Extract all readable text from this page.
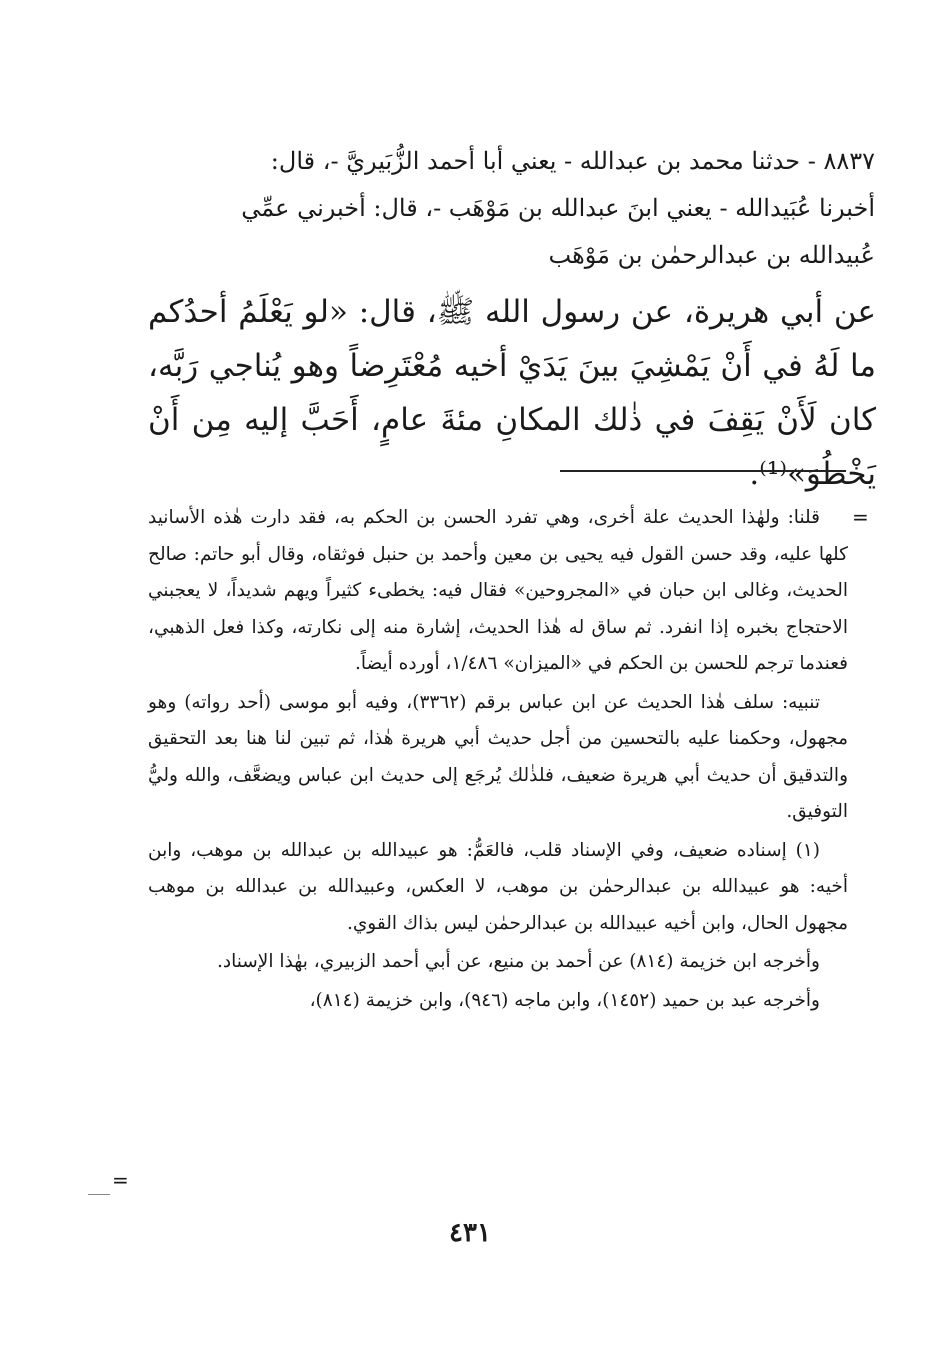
٨٨٣٧ - حدثنا محمد بن عبدالله - يعني أبا أحمد الزُّبَيريَّ -، قال:

أخبرنا عُبَيدالله - يعني ابنَ عبدالله بن مَوْهَب -، قال: أخبرني عمِّي

عُبيدالله بن عبدالرحمٰن بن مَوْهَب

عن أبي هريرة، عن رسول الله ﷺ، قال: «لو يَعْلَمُ أحدُكم ما لَهُ في أَنْ يَمْشِيَ بينَ يَدَيْ أخيه مُعْتَرِضاً وهو يُناجي رَبَّه، كان لَأَنْ يَقِفَ في ذٰلك المكانِ مئةَ عامٍ، أَحَبَّ إليه مِن أَنْ يَخْطُوَ»⁽¹⁾.
=

قلنا: ولهٰذا الحديث علة أخرى، وهي تفرد الحسن بن الحكم به، فقد دارت هٰذه الأسانيد كلها عليه، وقد حسن القول فيه يحيى بن معين وأحمد بن حنبل فوثقاه، وقال أبو حاتم: صالح الحديث، وغالى ابن حبان في «المجروحين» فقال فيه: يخطىء كثيراً ويهم شديداً، لا يعجبني الاحتجاج بخبره إذا انفرد. ثم ساق له هٰذا الحديث، إشارة منه إلى نكارته، وكذا فعل الذهبي، فعندما ترجم للحسن بن الحكم في «الميزان» ١/٤٨٦، أورده أيضاً.

تنبيه: سلف هٰذا الحديث عن ابن عباس برقم (٣٣٦٢)، وفيه أبو موسى (أحد رواته) وهو مجهول، وحكمنا عليه بالتحسين من أجل حديث أبي هريرة هٰذا، ثم تبين لنا هنا بعد التحقيق والتدقيق أن حديث أبي هريرة ضعيف، فلذٰلك يُرجَع إلى حديث ابن عباس ويضعَّف، والله وليُّ التوفيق.

(١) إسناده ضعيف، وفي الإسناد قلب، فالعَمُّ: هو عبيدالله بن عبدالله بن موهب، وابن أخيه: هو عبيدالله بن عبدالرحمٰن بن موهب، لا العكس، وعبيدالله بن عبدالله بن موهب مجهول الحال، وابن أخيه عبيدالله بن عبدالرحمٰن ليس بذاك القوي.

وأخرجه ابن خزيمة (٨١٤) عن أحمد بن منيع، عن أبي أحمد الزبيري، بهٰذا الإسناد.

وأخرجه عبد بن حميد (١٤٥٢)، وابن ماجه (٩٤٦)، وابن خزيمة (٨١٤)،

=
٤٣١
